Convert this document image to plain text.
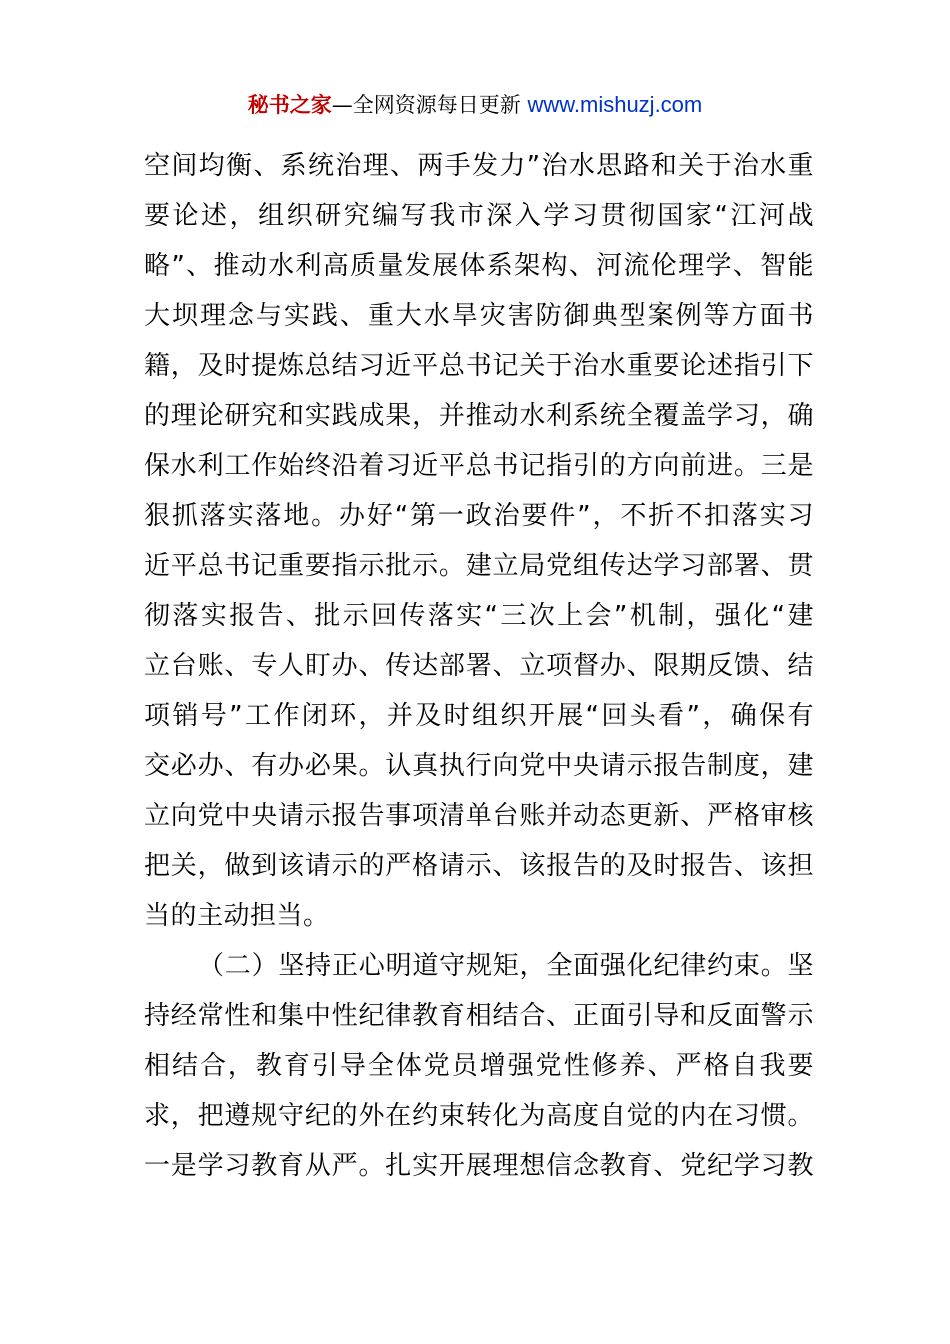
秘书之家—全网资源每日更新 www.mishuzj.com
空间均衡、系统治理、两手发力”治水思路和关于治水重
要论述，组织研究编写我市深入学习贯彻国家“江河战
略”、推动水利高质量发展体系架构、河流伦理学、智能
大坝理念与实践、重大水旱灾害防御典型案例等方面书
籍，及时提炼总结习近平总书记关于治水重要论述指引下
的理论研究和实践成果，并推动水利系统全覆盖学习，确
保水利工作始终沿着习近平总书记指引的方向前进。三是
狠抓落实落地。办好“第一政治要件”，不折不扣落实习
近平总书记重要指示批示。建立局党组传达学习部署、贯
彻落实报告、批示回传落实“三次上会”机制，强化“建
立台账、专人盯办、传达部署、立项督办、限期反馈、结
项销号”工作闭环，并及时组织开展“回头看”，确保有
交必办、有办必果。认真执行向党中央请示报告制度，建
立向党中央请示报告事项清单台账并动态更新、严格审核
把关，做到该请示的严格请示、该报告的及时报告、该担
当的主动担当。
（二）坚持正心明道守规矩，全面强化纪律约束。坚
持经常性和集中性纪律教育相结合、正面引导和反面警示
相结合，教育引导全体党员增强党性修养、严格自我要
求，把遵规守纪的外在约束转化为高度自觉的内在习惯。
一是学习教育从严。扎实开展理想信念教育、党纪学习教
